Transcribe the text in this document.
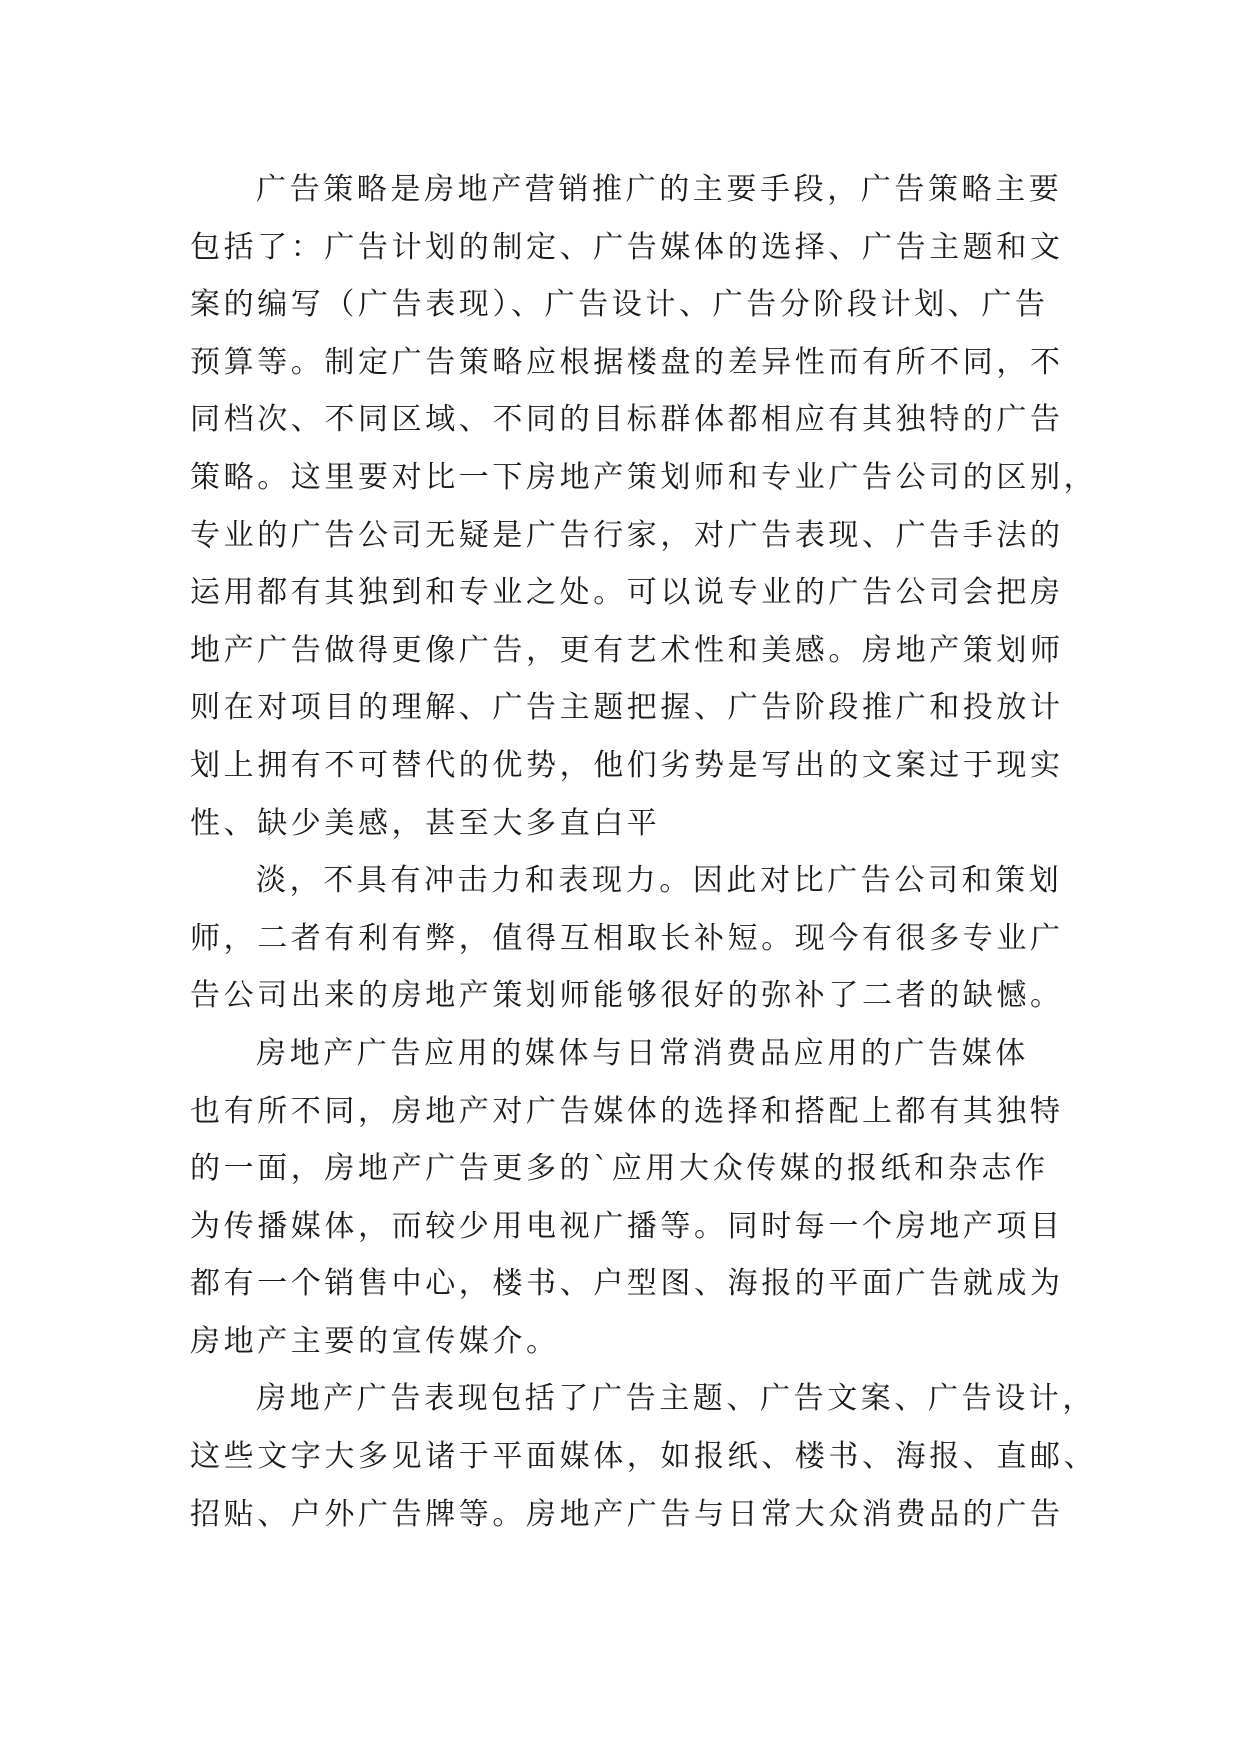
广告策略是房地产营销推广的主要手段，广告策略主要
包括了：广告计划的制定、广告媒体的选择、广告主题和文
案的编写（广告表现）、广告设计、广告分阶段计划、广告
预算等。制定广告策略应根据楼盘的差异性而有所不同，不
同档次、不同区域、不同的目标群体都相应有其独特的广告
策略。这里要对比一下房地产策划师和专业广告公司的区别，
专业的广告公司无疑是广告行家，对广告表现、广告手法的
运用都有其独到和专业之处。可以说专业的广告公司会把房
地产广告做得更像广告，更有艺术性和美感。房地产策划师
则在对项目的理解、广告主题把握、广告阶段推广和投放计
划上拥有不可替代的优势，他们劣势是写出的文案过于现实
性、缺少美感，甚至大多直白平
淡，不具有冲击力和表现力。因此对比广告公司和策划
师，二者有利有弊，值得互相取长补短。现今有很多专业广
告公司出来的房地产策划师能够很好的弥补了二者的缺憾。
房地产广告应用的媒体与日常消费品应用的广告媒体
也有所不同，房地产对广告媒体的选择和搭配上都有其独特
的一面，房地产广告更多的`应用大众传媒的报纸和杂志作
为传播媒体，而较少用电视广播等。同时每一个房地产项目
都有一个销售中心，楼书、户型图、海报的平面广告就成为
房地产主要的宣传媒介。
房地产广告表现包括了广告主题、广告文案、广告设计，
这些文字大多见诸于平面媒体，如报纸、楼书、海报、直邮、
招贴、户外广告牌等。房地产广告与日常大众消费品的广告
